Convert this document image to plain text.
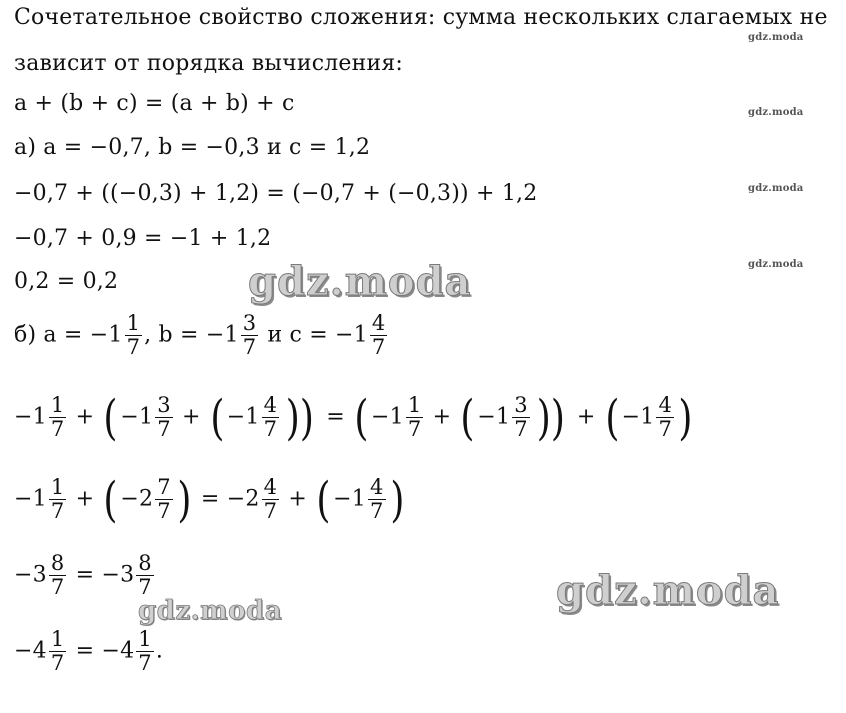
Сочетательное свойство сложения: сумма нескольких слагаемых не
зависит от порядка вычисления:
a + (b + c) = (a + b) + c
а) a = −0,7, b = −0,3 и c = 1,2
−0,7 + ((−0,3) + 1,2) = (−0,7 + (−0,3)) + 1,2
−0,7 + 0,9 = −1 + 1,2
0,2 = 0,2
б) $a = -1 \frac{1}{7}$ , $b = -1 \frac{3}{7}$ и $c = -1 \frac{4}{7}$
$-1 \frac{1}{7}$ + ( $-1 \frac{3}{7}$ + ( $-1 \frac{4}{7}$ )) = ( $-1 \frac{1}{7}$ + ( $-1 \frac{3}{7}$ )) + ( $-1 \frac{4}{7}$ )
$-1 \frac{1}{7}$ + ( $-2 \frac{7}{7}$ ) = $-2 \frac{4}{7}$ + ( $-1 \frac{4}{7}$ )
$-3 \frac{8}{7} = -3 \frac{8}{7}$
$-4 \frac{1}{7} = -4 \frac{1}{7}$ .
gdz.moda
gdz.moda
gdz.moda
gdz.moda
gdz.moda
gdz.moda
gdz.moda
